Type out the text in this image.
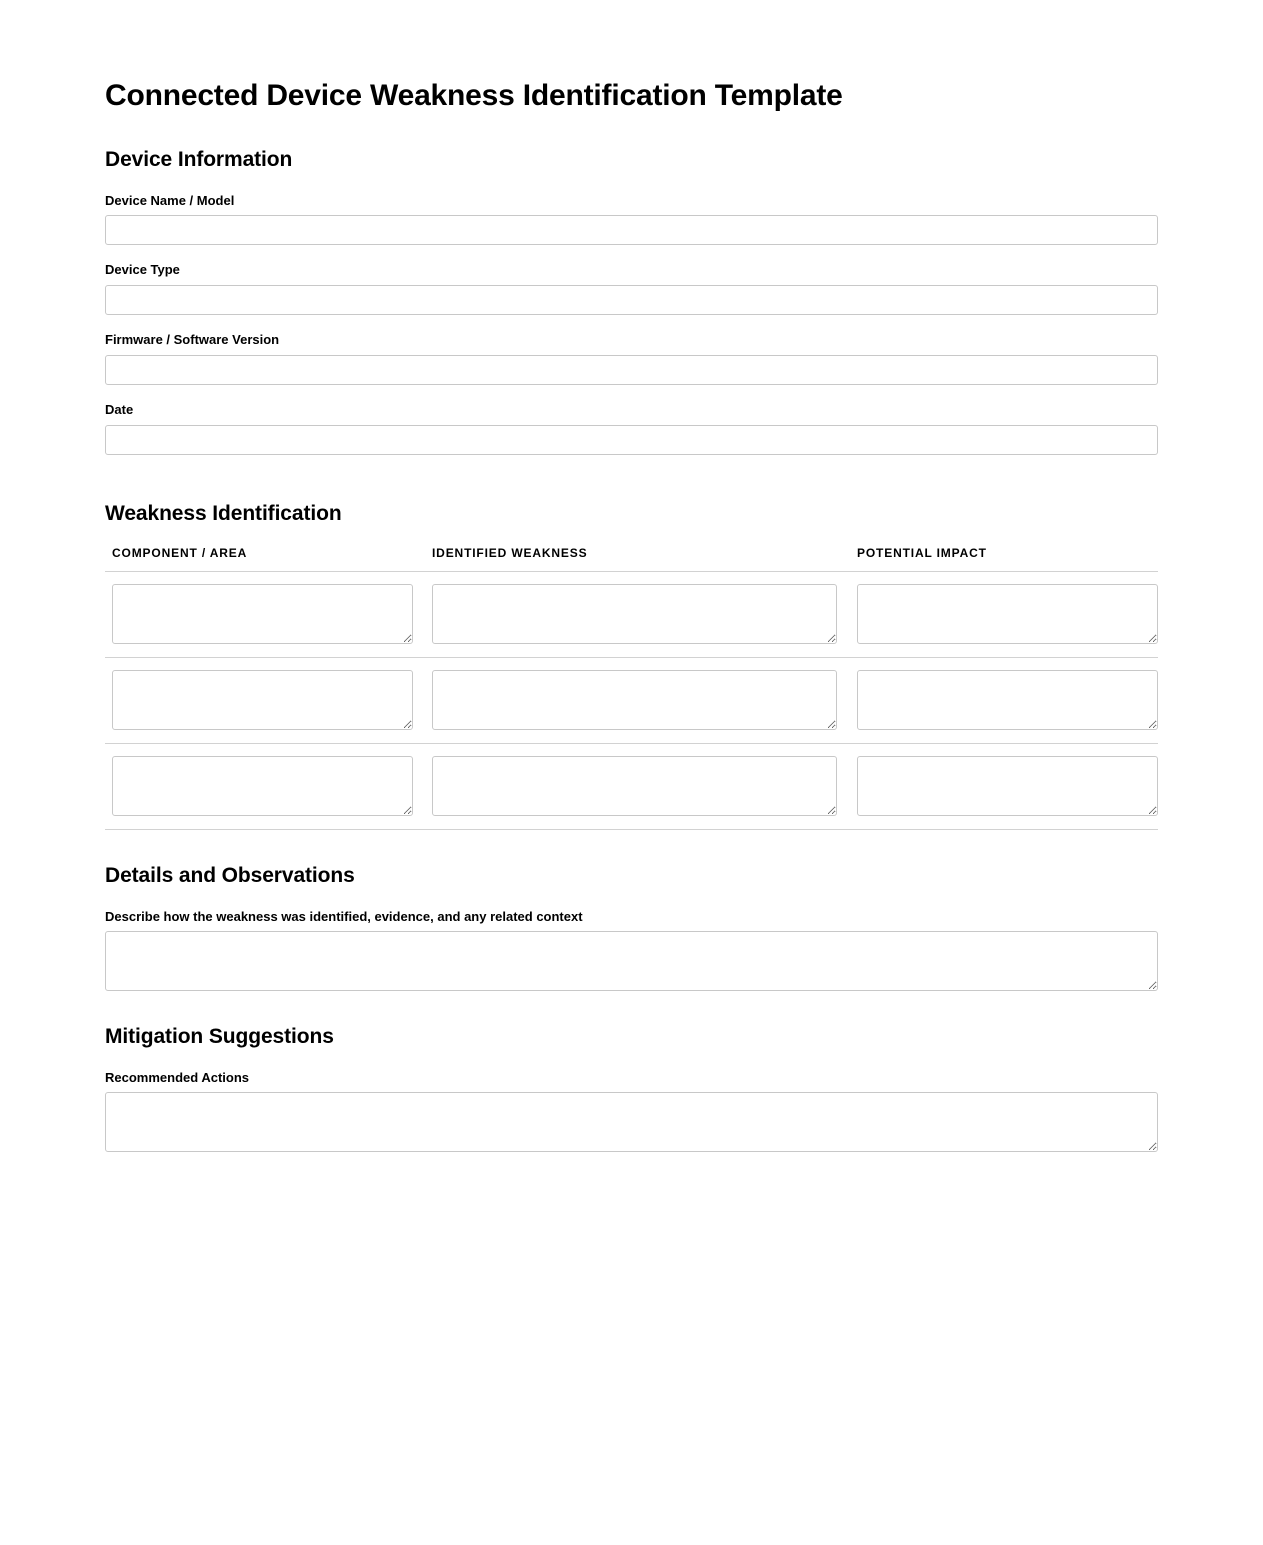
Connected Device Weakness Identification Template
Device Information
Device Name / Model
Device Type
Firmware / Software Version
Date
Weakness Identification
COMPONENT / AREA	IDENTIFIED WEAKNESS	POTENTIAL IMPACT

Details and Observations
Describe how the weakness was identified, evidence, and any related context
Mitigation Suggestions
Recommended Actions
